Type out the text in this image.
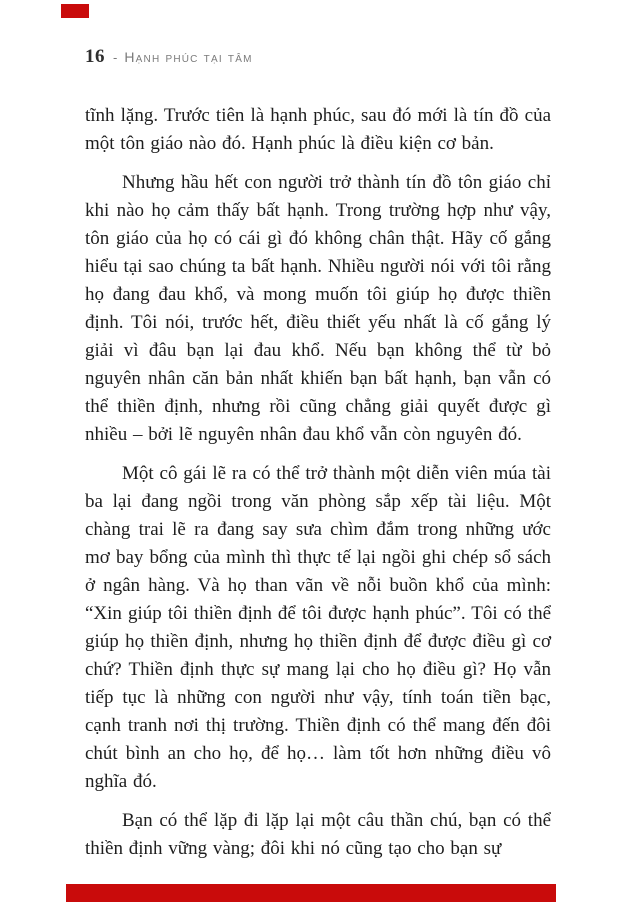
16 - Hạnh phúc tại tâm

tĩnh lặng. Trước tiên là hạnh phúc, sau đó mới là tín đồ của một tôn giáo nào đó. Hạnh phúc là điều kiện cơ bản.

Nhưng hầu hết con người trở thành tín đồ tôn giáo chỉ khi nào họ cảm thấy bất hạnh. Trong trường hợp như vậy, tôn giáo của họ có cái gì đó không chân thật. Hãy cố gắng hiểu tại sao chúng ta bất hạnh. Nhiều người nói với tôi rằng họ đang đau khổ, và mong muốn tôi giúp họ được thiền định. Tôi nói, trước hết, điều thiết yếu nhất là cố gắng lý giải vì đâu bạn lại đau khổ. Nếu bạn không thể từ bỏ nguyên nhân căn bản nhất khiến bạn bất hạnh, bạn vẫn có thể thiền định, nhưng rồi cũng chẳng giải quyết được gì nhiều – bởi lẽ nguyên nhân đau khổ vẫn còn nguyên đó.

Một cô gái lẽ ra có thể trở thành một diễn viên múa tài ba lại đang ngồi trong văn phòng sắp xếp tài liệu. Một chàng trai lẽ ra đang say sưa chìm đắm trong những ước mơ bay bổng của mình thì thực tế lại ngồi ghi chép sổ sách ở ngân hàng. Và họ than vãn về nỗi buồn khổ của mình: “Xin giúp tôi thiền định để tôi được hạnh phúc”. Tôi có thể giúp họ thiền định, nhưng họ thiền định để được điều gì cơ chứ? Thiền định thực sự mang lại cho họ điều gì? Họ vẫn tiếp tục là những con người như vậy, tính toán tiền bạc, cạnh tranh nơi thị trường. Thiền định có thể mang đến đôi chút bình an cho họ, để họ… làm tốt hơn những điều vô nghĩa đó.

Bạn có thể lặp đi lặp lại một câu thần chú, bạn có thể thiền định vững vàng; đôi khi nó cũng tạo cho bạn sự
